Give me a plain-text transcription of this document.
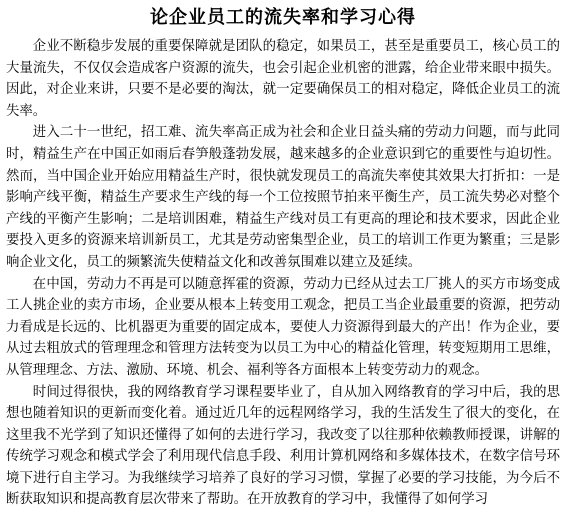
论企业员工的流失率和学习心得

企业不断稳步发展的重要保障就是团队的稳定，如果员工，甚至是重要员工，核心员工的大量流失，不仅仅会造成客户资源的流失，也会引起企业机密的泄露，给企业带来眼中损失。因此，对企业来讲，只要不是必要的淘汰，就一定要确保员工的相对稳定，降低企业员工的流失率。

进入二十一世纪，招工难、流失率高正成为社会和企业日益头痛的劳动力问题，而与此同时，精益生产在中国正如雨后春笋般蓬勃发展，越来越多的企业意识到它的重要性与迫切性。然而，当中国企业开始应用精益生产时，很快就发现员工的高流失率使其效果大打折扣：一是影响产线平衡，精益生产要求生产线的每一个工位按照节拍来平衡生产，员工流失势必对整个产线的平衡产生影响；二是培训困难，精益生产线对员工有更高的理论和技术要求，因此企业要投入更多的资源来培训新员工，尤其是劳动密集型企业，员工的培训工作更为繁重；三是影响企业文化，员工的频繁流失使精益文化和改善氛围难以建立及延续。

在中国，劳动力不再是可以随意挥霍的资源，劳动力已经从过去工厂挑人的买方市场变成工人挑企业的卖方市场，企业要从根本上转变用工观念，把员工当企业最重要的资源，把劳动力看成是长远的、比机器更为重要的固定成本，要使人力资源得到最大的产出！作为企业，要从过去粗放式的管理理念和管理方法转变为以员工为中心的精益化管理，转变短期用工思维，从管理理念、方法、激励、环境、机会、福利等各方面根本上转变劳动力的观念。

时间过得很快，我的网络教育学习课程要毕业了，自从加入网络教育的学习中后，我的思想也随着知识的更新而变化着。通过近几年的远程网络学习，我的生活发生了很大的变化，在这里我不光学到了知识还懂得了如何的去进行学习，我改变了以往那种依赖教师授课，讲解的传统学习观念和模式学会了利用现代信息手段、利用计算机网络和多媒体技术，在数字信号环境下进行自主学习。为我继续学习培养了良好的学习习惯，掌握了必要的学习技能，为今后不断获取知识和提高教育层次带来了帮助。在开放教育的学习中，我懂得了如何学习
